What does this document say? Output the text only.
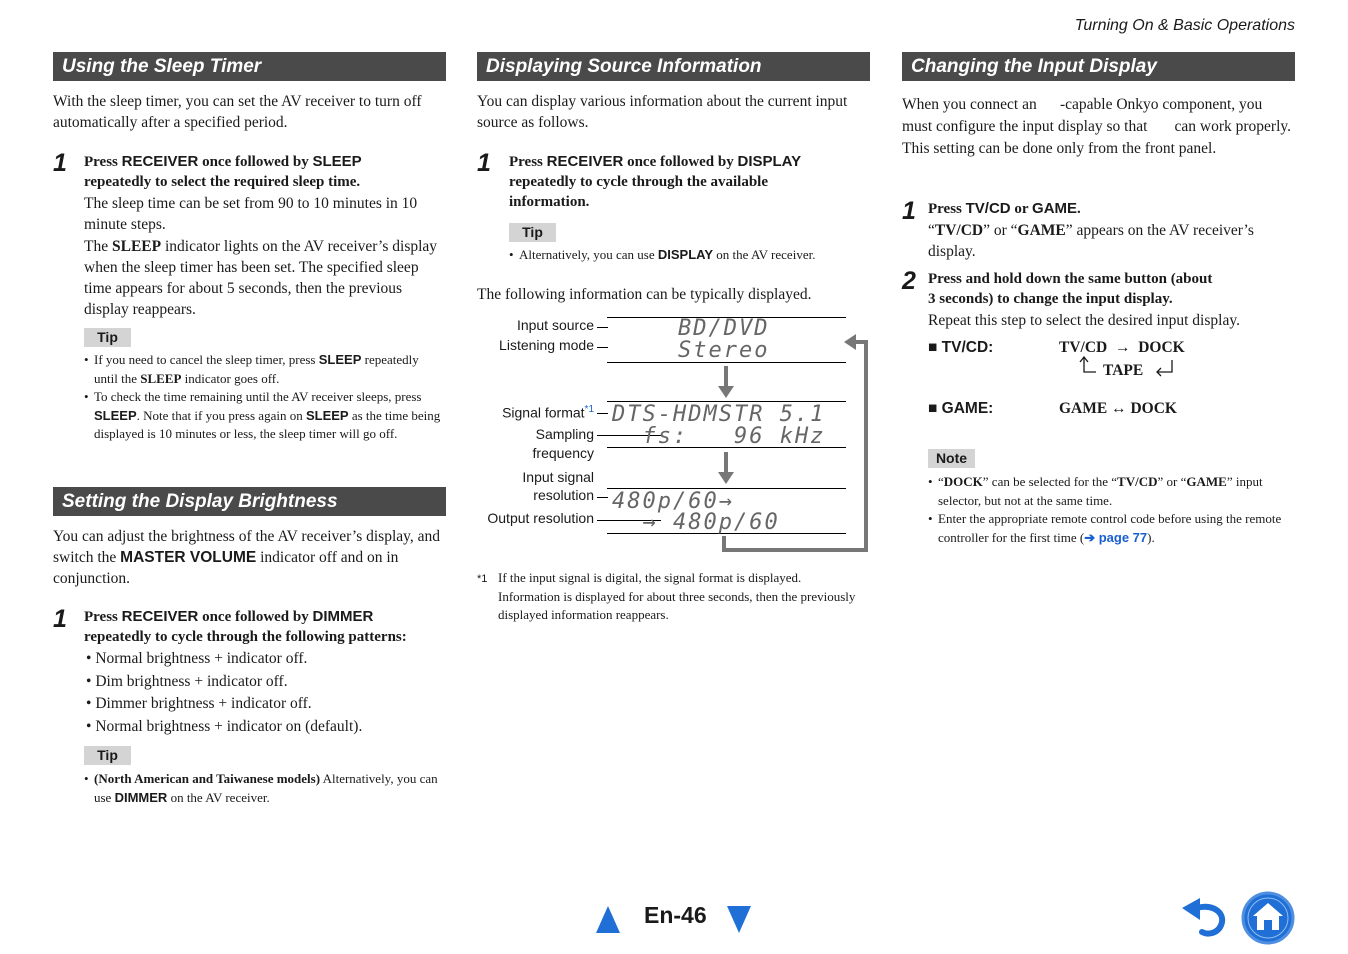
Turning On & Basic Operations
Using the Sleep Timer
With the sleep timer, you can set the AV receiver to turn off automatically after a specified period.
1 Press RECEIVER once followed by SLEEP
repeatedly to select the required sleep time.
The sleep time can be set from 90 to 10 minutes in 10 minute steps.
The SLEEP indicator lights on the AV receiver’s display when the sleep timer has been set. The specified sleep time appears for about 5 seconds, then the previous display reappears.
Tip
• If you need to cancel the sleep timer, press SLEEP repeatedly until the SLEEP indicator goes off.
• To check the time remaining until the AV receiver sleeps, press SLEEP. Note that if you press again on SLEEP as the time being displayed is 10 minutes or less, the sleep timer will go off.
Setting the Display Brightness
You can adjust the brightness of the AV receiver’s display, and switch the MASTER VOLUME indicator off and on in conjunction.
1 Press RECEIVER once followed by DIMMER
repeatedly to cycle through the following patterns:
• Normal brightness + indicator off.
• Dim brightness + indicator off.
• Dimmer brightness + indicator off.
• Normal brightness + indicator on (default).
Tip
• (North American and Taiwanese models) Alternatively, you can use DIMMER on the AV receiver.
Displaying Source Information
You can display various information about the current input source as follows.
1 Press RECEIVER once followed by DISPLAY
repeatedly to cycle through the available
information.
Tip
• Alternatively, you can use DISPLAY on the AV receiver.
The following information can be typically displayed.
Input source
Listening mode
BD/DVD
Stereo
Signal format$^{*1}$
Sampling
frequency
DTS-HDMSTR 5.1
fs:   96 kHz
Input signal
resolution
Output resolution
480p/60→
→ 480p/60
*1 If the input signal is digital, the signal format is displayed. Information is displayed for about three seconds, then the previously displayed information reappears.
Changing the Input Display
When you connect an      -capable Onkyo component, you must configure the input display so that       can work properly.
This setting can be done only from the front panel.
1 Press TV/CD or GAME.
“TV/CD” or “GAME” appears on the AV receiver’s display.
2 Press and hold down the same button (about
3 seconds) to change the input display.
Repeat this step to select the desired input display.
■ TV/CD:	TV/CD  →  DOCK
TAPE
■ GAME:	GAME ↔ DOCK
Note
• “DOCK” can be selected for the “TV/CD” or “GAME” input selector, but not at the same time.
• Enter the appropriate remote control code before using the remote controller for the first time (➔ page 77).
En-46
